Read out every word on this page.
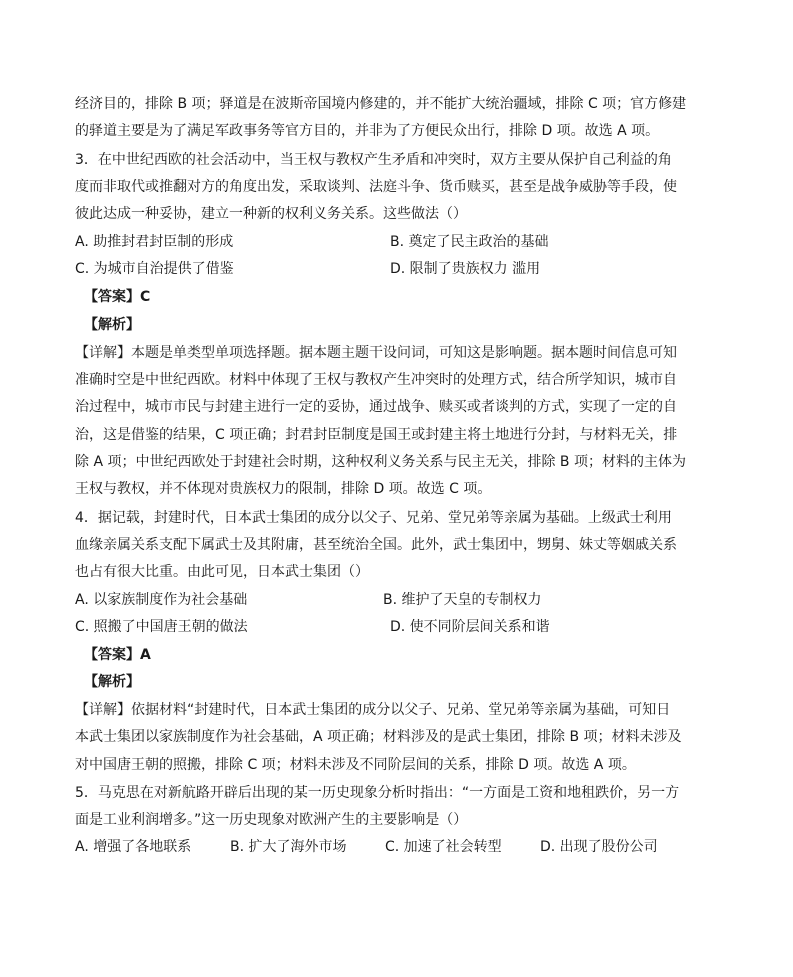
经济目的，排除 B 项；驿道是在波斯帝国境内修建的，并不能扩大统治疆域，排除 C 项；官方修建
的驿道主要是为了满足军政事务等官方目的，并非为了方便民众出行，排除 D 项。故选 A 项。
3．在中世纪西欧的社会活动中，当王权与教权产生矛盾和冲突时，双方主要从保护自己利益的角
度而非取代或推翻对方的角度出发，采取谈判、法庭斗争、货币赎买，甚至是战争威胁等手段，使
彼此达成一种妥协，建立一种新的权利义务关系。这些做法（）
A. 助推封君封臣制的形成	B. 奠定了民主政治的基础
C. 为城市自治提供了借鉴	D. 限制了贵族权力 滥用
【答案】C
【解析】
【详解】本题是单类型单项选择题。据本题主题干设问词，可知这是影响题。据本题时间信息可知
准确时空是中世纪西欧。材料中体现了王权与教权产生冲突时的处理方式，结合所学知识，城市自
治过程中，城市市民与封建主进行一定的妥协，通过战争、赎买或者谈判的方式，实现了一定的自
治，这是借鉴的结果，C 项正确；封君封臣制度是国王或封建主将土地进行分封，与材料无关，排
除 A 项；中世纪西欧处于封建社会时期，这种权利义务关系与民主无关，排除 B 项；材料的主体为
王权与教权，并不体现对贵族权力的限制，排除 D 项。故选 C 项。
4．据记载，封建时代，日本武士集团的成分以父子、兄弟、堂兄弟等亲属为基础。上级武士利用
血缘亲属关系支配下属武士及其附庸，甚至统治全国。此外，武士集团中，甥舅、妹丈等姻戚关系
也占有很大比重。由此可见，日本武士集团（）
A. 以家族制度作为社会基础	B. 维护了天皇的专制权力
C. 照搬了中国唐王朝的做法	D. 使不同阶层间关系和谐
【答案】A
【解析】
【详解】依据材料“封建时代，日本武士集团的成分以父子、兄弟、堂兄弟等亲属为基础，可知日
本武士集团以家族制度作为社会基础，A 项正确；材料涉及的是武士集团，排除 B 项；材料未涉及
对中国唐王朝的照搬，排除 C 项；材料未涉及不同阶层间的关系，排除 D 项。故选 A 项。
5．马克思在对新航路开辟后出现的某一历史现象分析时指出：“一方面是工资和地租跌价，另一方
面是工业利润增多。”这一历史现象对欧洲产生的主要影响是（）
A. 增强了各地联系	B. 扩大了海外市场	C. 加速了社会转型	D. 出现了股份公司
